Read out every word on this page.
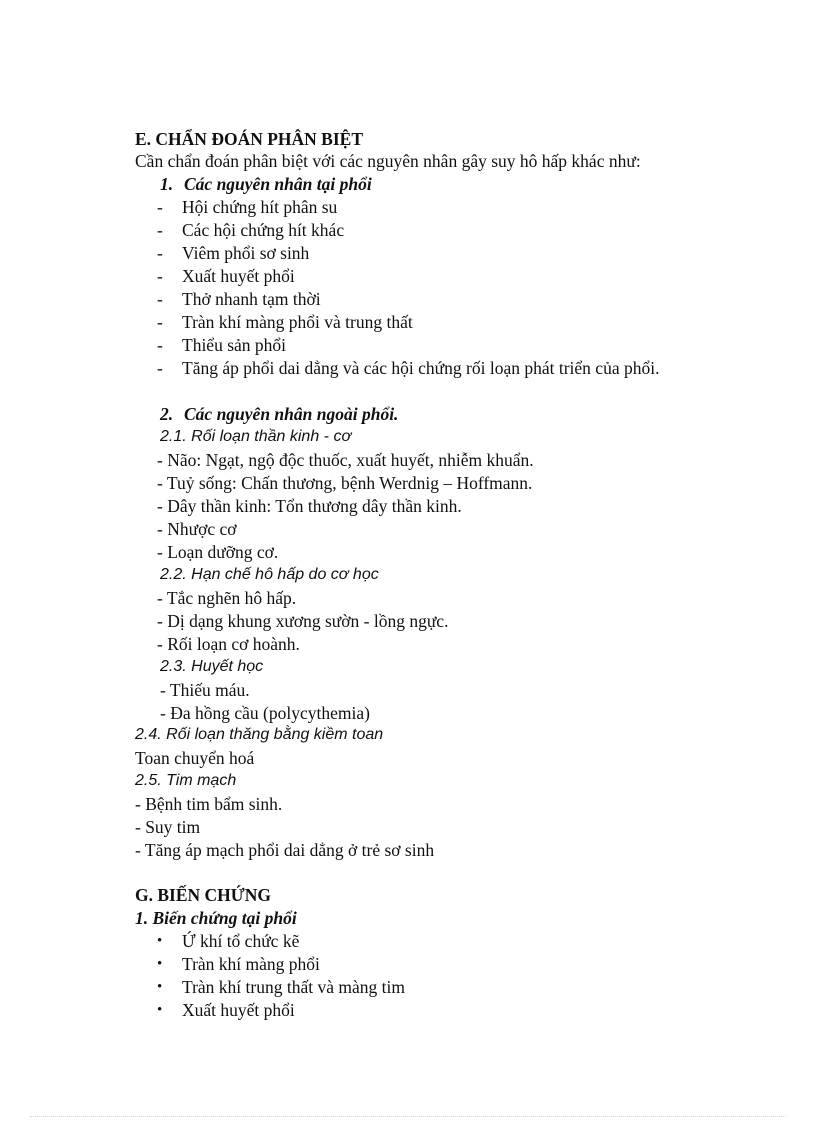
E. CHẨN ĐOÁN PHÂN BIỆT
Cần chẩn đoán phân biệt với các nguyên nhân gây suy hô hấp khác như:
1. Các nguyên nhân tại phổi
- Hội chứng hít phân su
- Các hội chứng hít khác
- Viêm phổi sơ sinh
- Xuất huyết phổi
- Thở nhanh tạm thời
- Tràn khí màng phổi và trung thất
- Thiểu sản phổi
- Tăng áp phổi dai dẳng và các hội chứng rối loạn phát triển của phổi.
2. Các nguyên nhân ngoài phổi.
2.1. Rối loạn thần kinh - cơ
- Não: Ngạt, ngộ độc thuốc, xuất huyết, nhiễm khuẩn.
- Tuỷ sống: Chấn thương, bệnh Werdnig – Hoffmann.
- Dây thần kinh: Tổn thương dây thần kinh.
- Nhược cơ
- Loạn dưỡng cơ.
2.2. Hạn chế hô hấp do cơ học
- Tắc nghẽn hô hấp.
- Dị dạng khung xương sườn - lồng ngực.
- Rối loạn cơ hoành.
2.3. Huyết học
- Thiếu máu.
- Đa hồng cầu (polycythemia)
2.4. Rối loạn thăng bằng kiềm toan
Toan chuyển hoá
2.5. Tim mạch
- Bệnh tim bẩm sinh.
- Suy tim
- Tăng áp mạch phổi dai dẳng ở trẻ sơ sinh
G. BIẾN CHỨNG
1. Biến chứng tại phổi
• Ứ khí tổ chức kẽ
• Tràn khí màng phổi
• Tràn khí trung thất và màng tim
• Xuất huyết phổi
